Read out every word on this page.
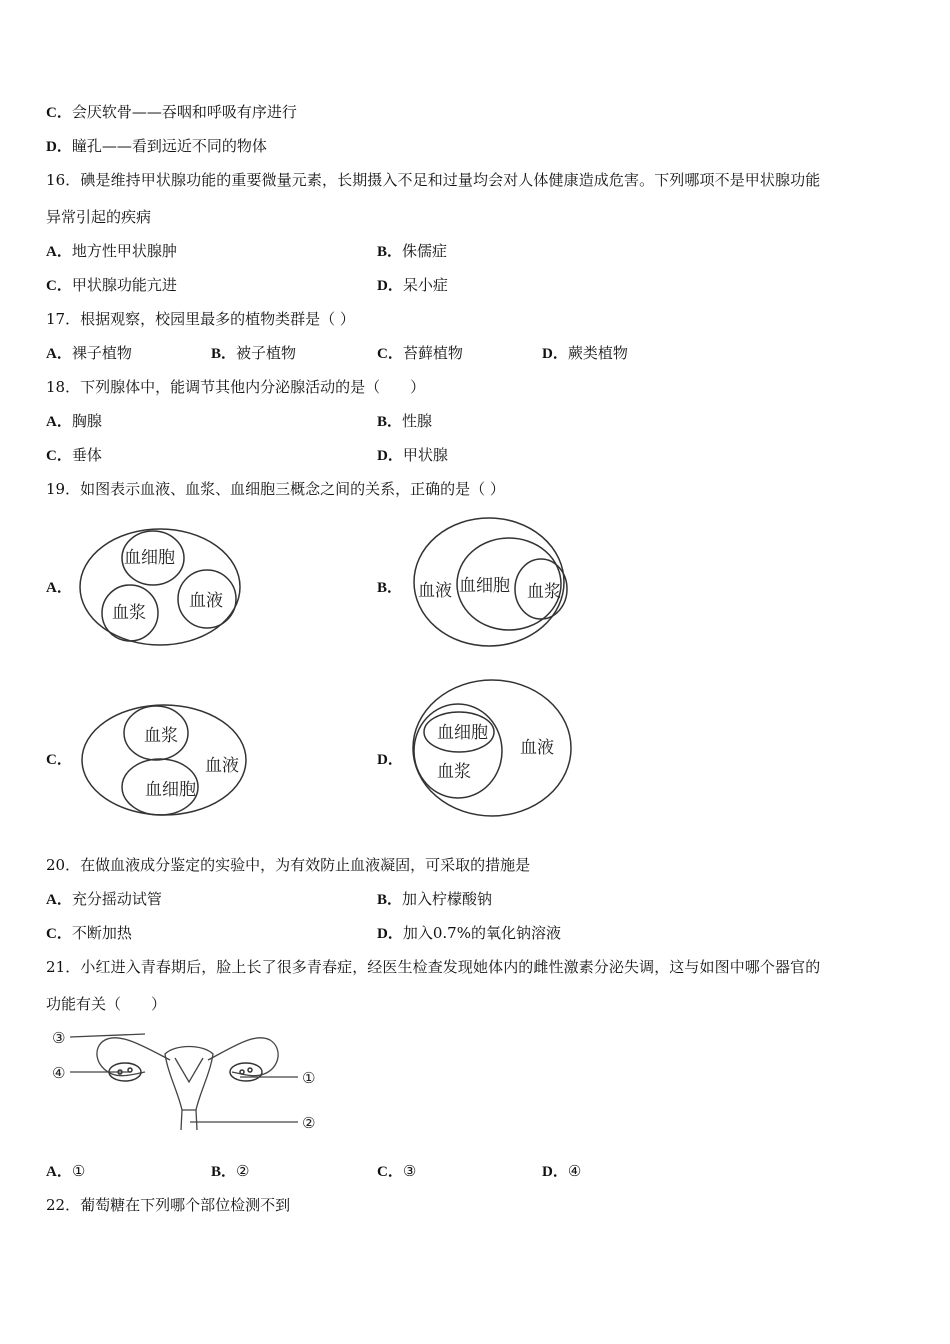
C．会厌软骨——吞咽和呼吸有序进行
D．瞳孔——看到远近不同的物体
16．碘是维持甲状腺功能的重要微量元素，长期摄入不足和过量均会对人体健康造成危害。下列哪项不是甲状腺功能
异常引起的疾病
A．地方性甲状腺肿	B．侏儒症
C．甲状腺功能亢进	D．呆小症
17．根据观察，校园里最多的植物类群是（ ）
A．裸子植物	B．被子植物	C．苔藓植物	D．蕨类植物
18．下列腺体中，能调节其他内分泌腺活动的是（　　）
A．胸腺	B．性腺
C．垂体	D．甲状腺
19．如图表示血液、血浆、血细胞三概念之间的关系，正确的是（ ）
A．
血细胞
血浆
血液
B． 血液 血细胞 血浆
C．
血浆
血细胞
血液	D．
血细胞
血浆
血液
20．在做血液成分鉴定的实验中，为有效防止血液凝固，可采取的措施是
A．充分摇动试管	B．加入柠檬酸钠
C．不断加热	D．加入0.7%的氧化钠溶液
21．小红进入青春期后，脸上长了很多青春症，经医生检查发现她体内的雌性激素分泌失调，这与如图中哪个器官的
功能有关（　　）
③
④	①
②
A．①	B．②	C．③	D．④
22．葡萄糖在下列哪个部位检测不到
